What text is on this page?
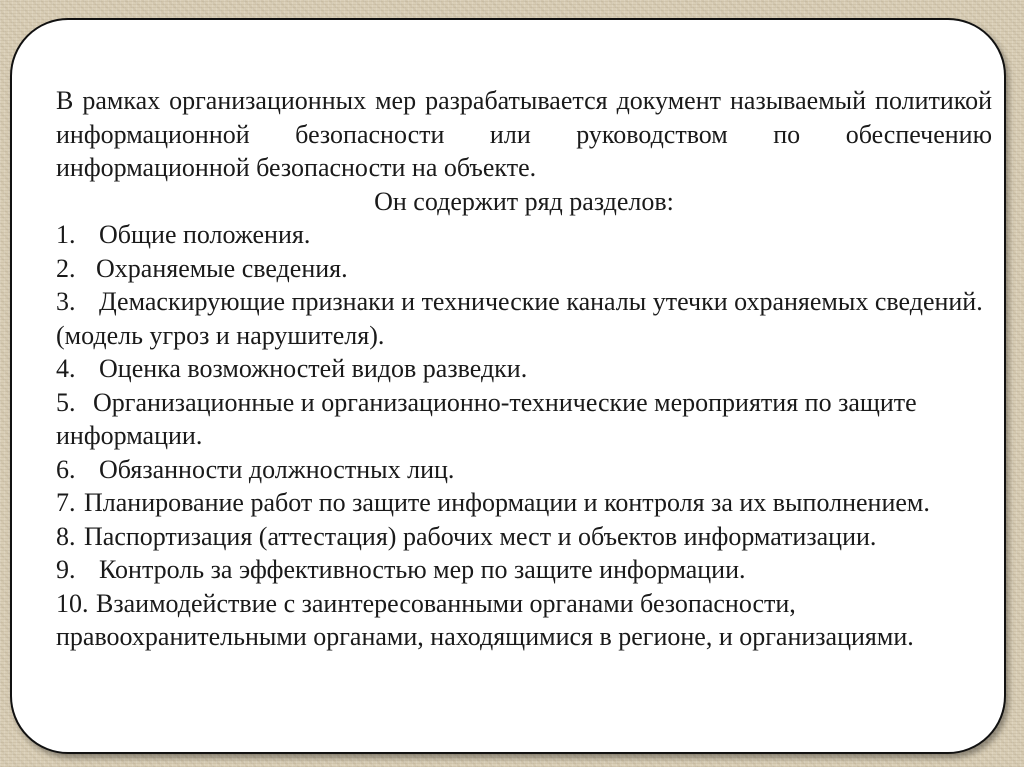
В рамках организационных мер разрабатывается документ называемый политикой информационной безопасности или руководством по обеспечению информационной безопасности на объекте.

Он содержит ряд разделов:

1. Общие положения.
2. Охраняемые сведения.
3. Демаскирующие признаки и технические каналы утечки охраняемых сведений. (модель угроз и нарушителя).
4. Оценка возможностей видов разведки.
5. Организационные и организационно-технические мероприятия по защите информации.
6. Обязанности должностных лиц.
7. Планирование работ по защите информации и контроля за их выполнением.
8. Паспортизация (аттестация) рабочих мест и объектов информатизации.
9. Контроль за эффективностью мер по защите информации.
10. Взаимодействие с заинтересованными органами безопасности, правоохранительными органами, находящимися в регионе, и организациями.
